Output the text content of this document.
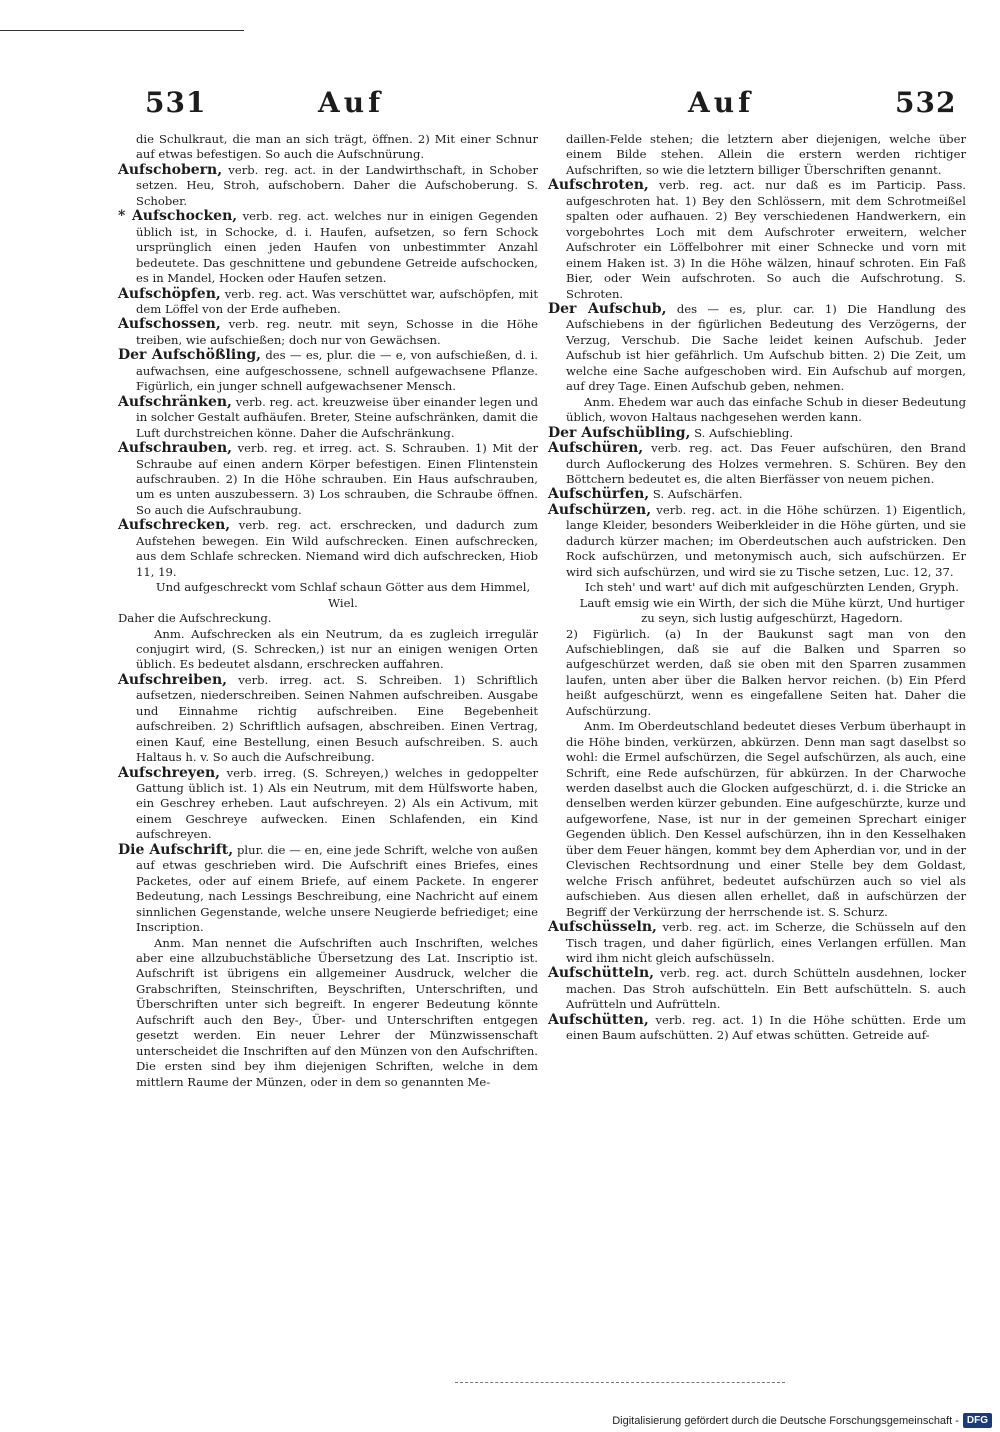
531	Auf	Auf	532

die Schulkraut, die man an sich trägt, öffnen. 2) Mit einer Schnur auf etwas befestigen. So auch die Aufschnürung.

Aufschobern, verb. reg. act. in der Landwirthschaft, in Schober setzen. Heu, Stroh, aufschobern. Daher die Aufschoberung. S. Schober.

* Aufschocken, verb. reg. act. welches nur in einigen Gegenden üblich ist, in Schocke, d. i. Haufen, aufsetzen, so fern Schock ursprünglich einen jeden Haufen von unbestimmter Anzahl bedeutete. Das geschnittene und gebundene Getreide aufschocken, es in Mandel, Hocken oder Haufen setzen.

Aufschöpfen, verb. reg. act. Was verschüttet war, aufschöpfen, mit dem Löffel von der Erde aufheben.

Aufschossen, verb. reg. neutr. mit seyn, Schosse in die Höhe treiben, wie aufschießen; doch nur von Gewächsen.

Der Aufschößling, des — es, plur. die — e, von aufschießen, d. i. aufwachsen, eine aufgeschossene, schnell aufgewachsene Pflanze. Figürlich, ein junger schnell aufgewachsener Mensch.

Aufschränken, verb. reg. act. kreuzweise über einander legen und in solcher Gestalt aufhäufen. Breter, Steine aufschränken, damit die Luft durchstreichen könne. Daher die Aufschränkung.

Aufschrauben, verb. reg. et irreg. act. S. Schrauben. 1) Mit der Schraube auf einen andern Körper befestigen. Einen Flintenstein aufschrauben. 2) In die Höhe schrauben. Ein Haus aufschrauben, um es unten auszubessern. 3) Los schrauben, die Schraube öffnen. So auch die Aufschraubung.

Aufschrecken, verb. reg. act. erschrecken, und dadurch zum Aufstehen bewegen. Ein Wild aufschrecken. Einen aufschrecken, aus dem Schlafe schrecken. Niemand wird dich aufschrecken, Hiob 11, 19.

Und aufgeschreckt vom Schlaf schaun Götter aus dem Himmel, Wiel.

Daher die Aufschreckung.

Anm. Aufschrecken als ein Neutrum, da es zugleich irregulär conjugirt wird, (S. Schrecken,) ist nur an einigen wenigen Orten üblich. Es bedeutet alsdann, erschrecken auffahren.

Aufschreiben, verb. irreg. act. S. Schreiben. 1) Schriftlich aufsetzen, niederschreiben. Seinen Nahmen aufschreiben. Ausgabe und Einnahme richtig aufschreiben. Eine Begebenheit aufschreiben. 2) Schriftlich aufsagen, abschreiben. Einen Vertrag, einen Kauf, eine Bestellung, einen Besuch aufschreiben. S. auch Haltaus h. v. So auch die Aufschreibung.

Aufschreyen, verb. irreg. (S. Schreyen,) welches in gedoppelter Gattung üblich ist. 1) Als ein Neutrum, mit dem Hülfsworte haben, ein Geschrey erheben. Laut aufschreyen. 2) Als ein Activum, mit einem Geschreye aufwecken. Einen Schlafenden, ein Kind aufschreyen.

Die Aufschrift, plur. die — en, eine jede Schrift, welche von außen auf etwas geschrieben wird. Die Aufschrift eines Briefes, eines Packetes, oder auf einem Briefe, auf einem Packete. In engerer Bedeutung, nach Lessings Beschreibung, eine Nachricht auf einem sinnlichen Gegenstande, welche unsere Neugierde befriediget; eine Inscription.

Anm. Man nennet die Aufschriften auch Inschriften, welches aber eine allzubuchstäbliche Übersetzung des Lat. Inscriptio ist. Aufschrift ist übrigens ein allgemeiner Ausdruck, welcher die Grabschriften, Steinschriften, Beyschriften, Unterschriften, und Überschriften unter sich begreift. In engerer Bedeutung könnte Aufschrift auch den Bey-, Über- und Unterschriften entgegen gesetzt werden. Ein neuer Lehrer der Münzwissenschaft unterscheidet die Inschriften auf den Münzen von den Aufschriften. Die ersten sind bey ihm diejenigen Schriften, welche in dem mittlern Raume der Münzen, oder in dem so genannten Me-

daillen-Felde stehen; die letztern aber diejenigen, welche über einem Bilde stehen. Allein die erstern werden richtiger Aufschriften, so wie die letztern billiger Überschriften genannt.

Aufschroten, verb. reg. act. nur daß es im Particip. Pass. aufgeschroten hat. 1) Bey den Schlössern, mit dem Schrotmeißel spalten oder aufhauen. 2) Bey verschiedenen Handwerkern, ein vorgebohrtes Loch mit dem Aufschroter erweitern, welcher Aufschroter ein Löffelbohrer mit einer Schnecke und vorn mit einem Haken ist. 3) In die Höhe wälzen, hinauf schroten. Ein Faß Bier, oder Wein aufschroten. So auch die Aufschrotung. S. Schroten.

Der Aufschub, des — es, plur. car. 1) Die Handlung des Aufschiebens in der figürlichen Bedeutung des Verzögerns, der Verzug, Verschub. Die Sache leidet keinen Aufschub. Jeder Aufschub ist hier gefährlich. Um Aufschub bitten. 2) Die Zeit, um welche eine Sache aufgeschoben wird. Ein Aufschub auf morgen, auf drey Tage. Einen Aufschub geben, nehmen.

Anm. Ehedem war auch das einfache Schub in dieser Bedeutung üblich, wovon Haltaus nachgesehen werden kann.

Der Aufschübling, S. Aufschiebling.

Aufschüren, verb. reg. act. Das Feuer aufschüren, den Brand durch Auflockerung des Holzes vermehren. S. Schüren. Bey den Böttchern bedeutet es, die alten Bierfässer von neuem pichen.

Aufschürfen, S. Aufschärfen.

Aufschürzen, verb. reg. act. in die Höhe schürzen. 1) Eigentlich, lange Kleider, besonders Weiberkleider in die Höhe gürten, und sie dadurch kürzer machen; im Oberdeutschen auch aufstricken. Den Rock aufschürzen, und metonymisch auch, sich aufschürzen. Er wird sich aufschürzen, und wird sie zu Tische setzen, Luc. 12, 37.

Ich steh' und wart' auf dich mit aufgeschürzten Lenden, Gryph.

Lauft emsig wie ein Wirth, der sich die Mühe kürzt, Und hurtiger zu seyn, sich lustig aufgeschürzt, Hagedorn.

2) Figürlich. (a) In der Baukunst sagt man von den Aufschieblingen, daß sie auf die Balken und Sparren so aufgeschürzet werden, daß sie oben mit den Sparren zusammen laufen, unten aber über die Balken hervor reichen. (b) Ein Pferd heißt aufgeschürzt, wenn es eingefallene Seiten hat. Daher die Aufschürzung.

Anm. Im Oberdeutschland bedeutet dieses Verbum überhaupt in die Höhe binden, verkürzen, abkürzen. Denn man sagt daselbst so wohl: die Ermel aufschürzen, die Segel aufschürzen, als auch, eine Schrift, eine Rede aufschürzen, für abkürzen. In der Charwoche werden daselbst auch die Glocken aufgeschürzt, d. i. die Stricke an denselben werden kürzer gebunden. Eine aufgeschürzte, kurze und aufgeworfene, Nase, ist nur in der gemeinen Sprechart einiger Gegenden üblich. Den Kessel aufschürzen, ihn in den Kesselhaken über dem Feuer hängen, kommt bey dem Apherdian vor, und in der Clevischen Rechtsordnung und einer Stelle bey dem Goldast, welche Frisch anführet, bedeutet aufschürzen auch so viel als aufschieben. Aus diesen allen erhellet, daß in aufschürzen der Begriff der Verkürzung der herrschende ist. S. Schurz.

Aufschüsseln, verb. reg. act. im Scherze, die Schüsseln auf den Tisch tragen, und daher figürlich, eines Verlangen erfüllen. Man wird ihm nicht gleich aufschüsseln.

Aufschütteln, verb. reg. act. durch Schütteln ausdehnen, locker machen. Das Stroh aufschütteln. Ein Bett aufschütteln. S. auch Aufrütteln und Aufrütteln.

Aufschütten, verb. reg. act. 1) In die Höhe schütten. Erde um einen Baum aufschütten. 2) Auf etwas schütten. Getreide auf-

Digitalisierung gefördert durch die Deutsche Forschungsgemeinschaft - DFG
